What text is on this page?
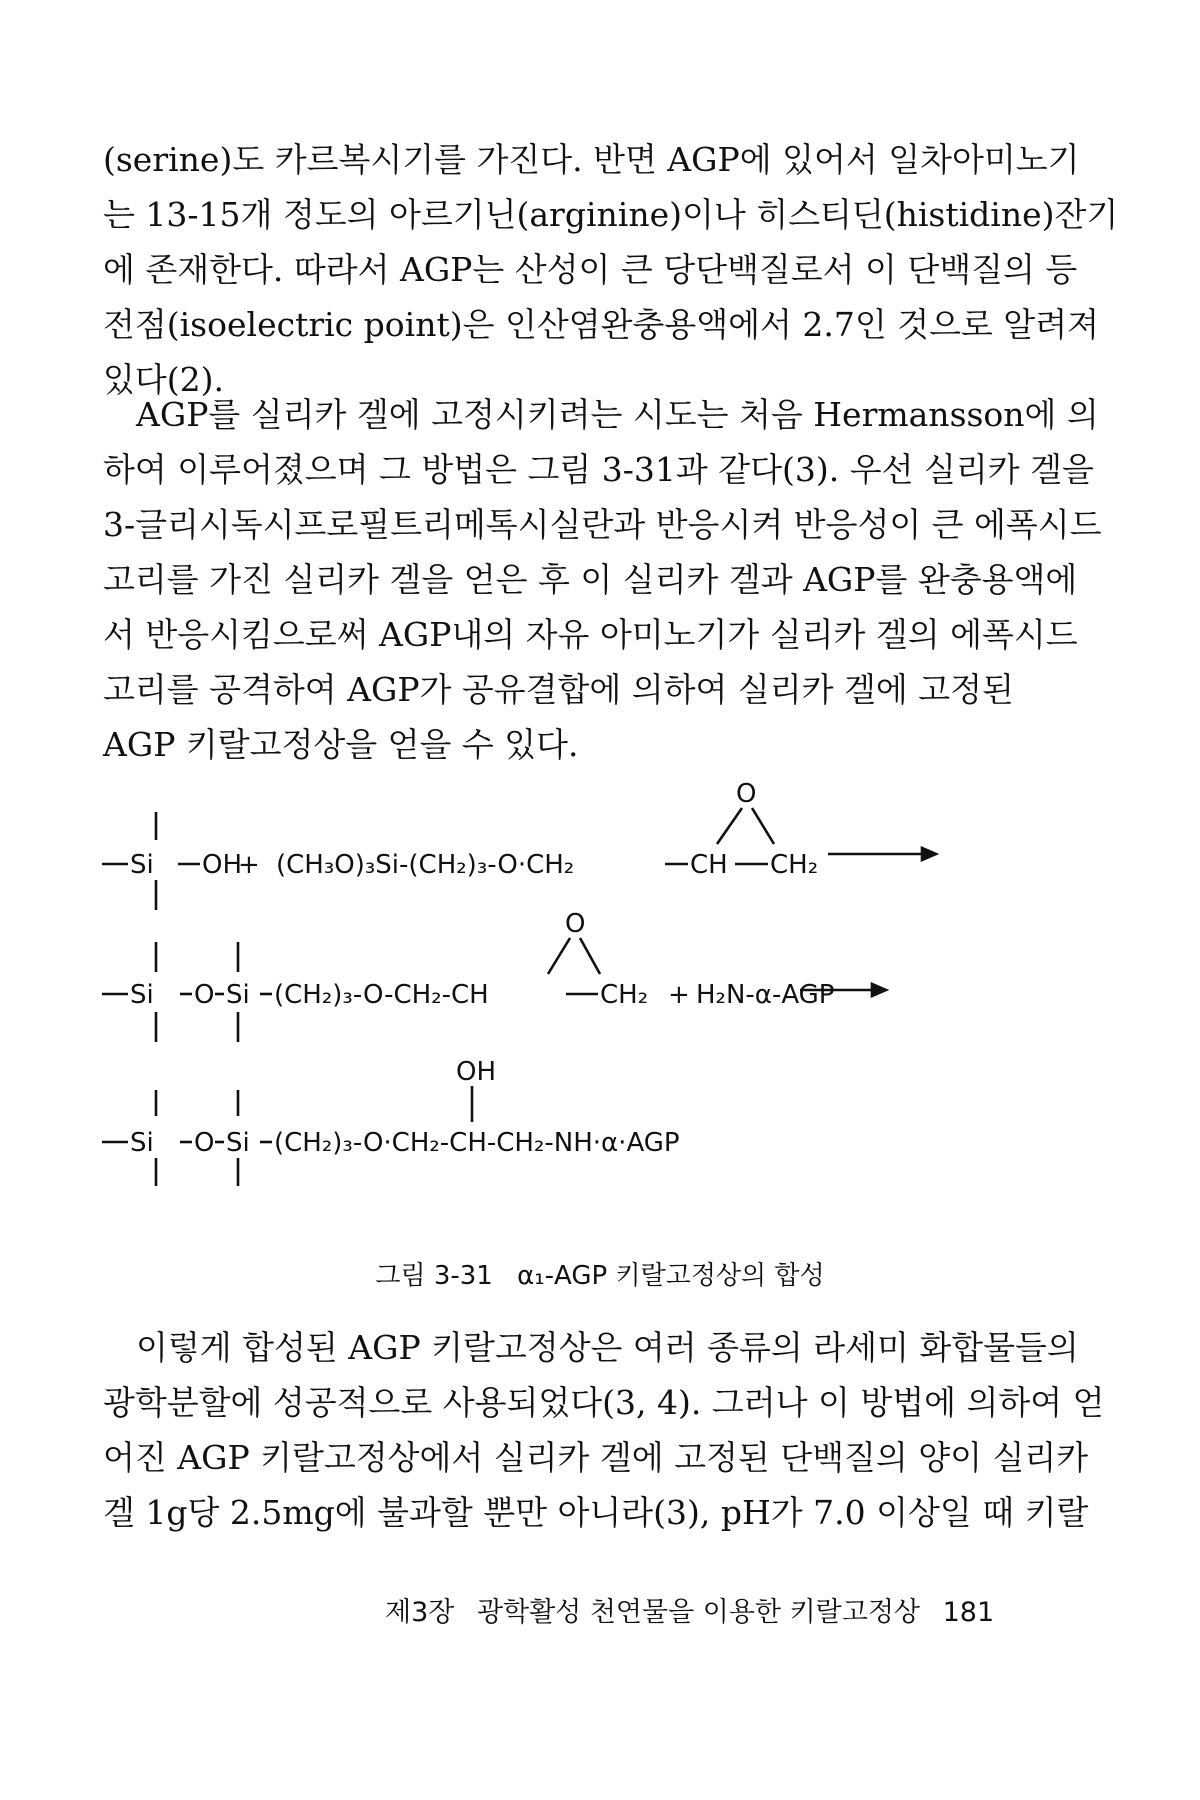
(serine)도 카르복시기를 가진다. 반면 AGP에 있어서 일차아미노기
는 13-15개 정도의 아르기닌(arginine)이나 히스티딘(histidine)잔기
에 존재한다. 따라서 AGP는 산성이 큰 당단백질로서 이 단백질의 등
전점(isoelectric point)은 인산염완충용액에서 2.7인 것으로 알려져
있다(2).
AGP를 실리카 겔에 고정시키려는 시도는 처음 Hermansson에 의
하여 이루어졌으며 그 방법은 그림 3-31과 같다(3). 우선 실리카 겔을
3-글리시독시프로필트리메톡시실란과 반응시켜 반응성이 큰 에폭시드
고리를 가진 실리카 겔을 얻은 후 이 실리카 겔과 AGP를 완충용액에
서 반응시킴으로써 AGP내의 자유 아미노기가 실리카 겔의 에폭시드
고리를 공격하여 AGP가 공유결합에 의하여 실리카 겔에 고정된
AGP 키랄고정상을 얻을 수 있다.
Si OH
+ (CH₃O)₃Si-(CH₂)₃-O·CH₂	CH CH₂
O
Si O Si (CH₂)₃-O-CH₂-CH	CH₂
O
+ H₂N-α-AGP
Si O Si (CH₂)₃-O·CH₂-CH-CH₂-NH·α·AGP
OH
그림 3-31 α₁-AGP 키랄고정상의 합성
이렇게 합성된 AGP 키랄고정상은 여러 종류의 라세미 화합물들의
광학분할에 성공적으로 사용되었다(3, 4). 그러나 이 방법에 의하여 얻
어진 AGP 키랄고정상에서 실리카 겔에 고정된 단백질의 양이 실리카
겔 1g당 2.5mg에 불과할 뿐만 아니라(3), pH가 7.0 이상일 때 키랄
제3장 광학활성 천연물을 이용한 키랄고정상 181
